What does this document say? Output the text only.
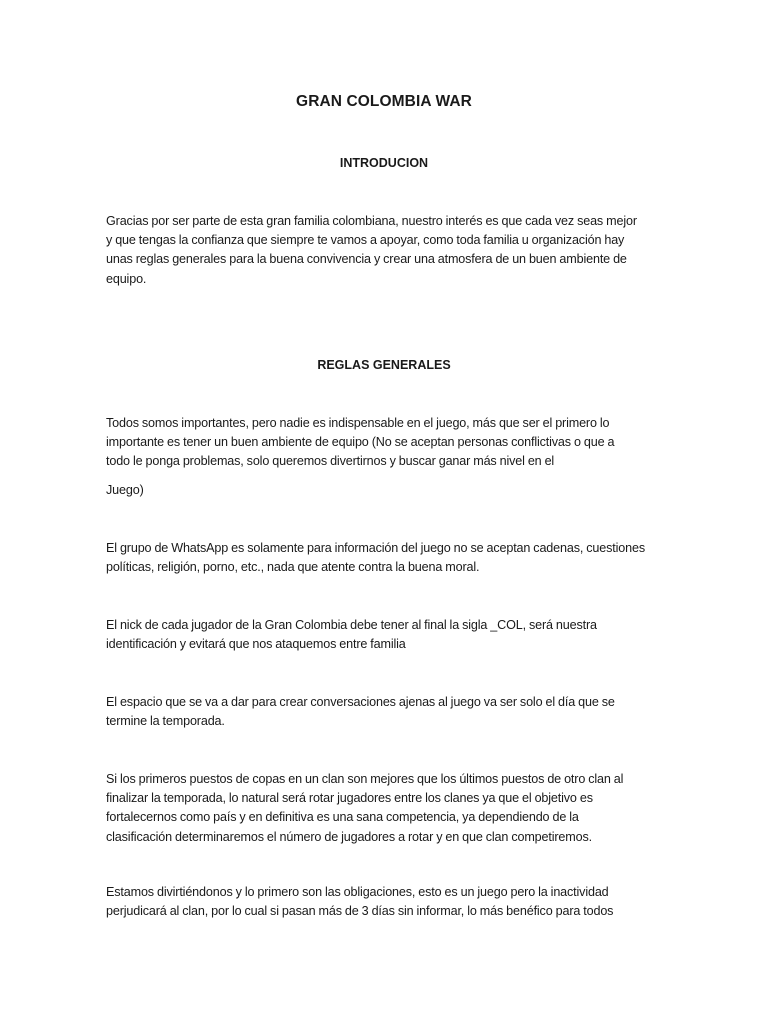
GRAN COLOMBIA WAR
INTRODUCION

Gracias por ser parte de esta gran familia colombiana, nuestro interés es que cada vez seas mejor
y que tengas la confianza que siempre te vamos a apoyar, como toda familia u organización hay
unas reglas generales para la buena convivencia y crear una atmosfera de un buen ambiente de
equipo.

REGLAS GENERALES

Todos somos importantes, pero nadie es indispensable en el juego, más que ser el primero lo
importante es tener un buen ambiente de equipo (No se aceptan personas conflictivas o que a
todo le ponga problemas, solo queremos divertirnos y buscar ganar más nivel en el

Juego)

El grupo de WhatsApp es solamente para información del juego no se aceptan cadenas, cuestiones
políticas, religión, porno, etc., nada que atente contra la buena moral.

El nick de cada jugador de la Gran Colombia debe tener al final la sigla _COL, será nuestra
identificación y evitará que nos ataquemos entre familia

El espacio que se va a dar para crear conversaciones ajenas al juego va ser solo el día que se
termine la temporada.

Si los primeros puestos de copas en un clan son mejores que los últimos puestos de otro clan al
finalizar la temporada, lo natural será rotar jugadores entre los clanes ya que el objetivo es
fortalecernos como país y en definitiva es una sana competencia, ya dependiendo de la
clasificación determinaremos el número de jugadores a rotar y en que clan competiremos.

Estamos divirtiéndonos y lo primero son las obligaciones, esto es un juego pero la inactividad
perjudicará al clan, por lo cual si pasan más de 3 días sin informar, lo más benéfico para todos
